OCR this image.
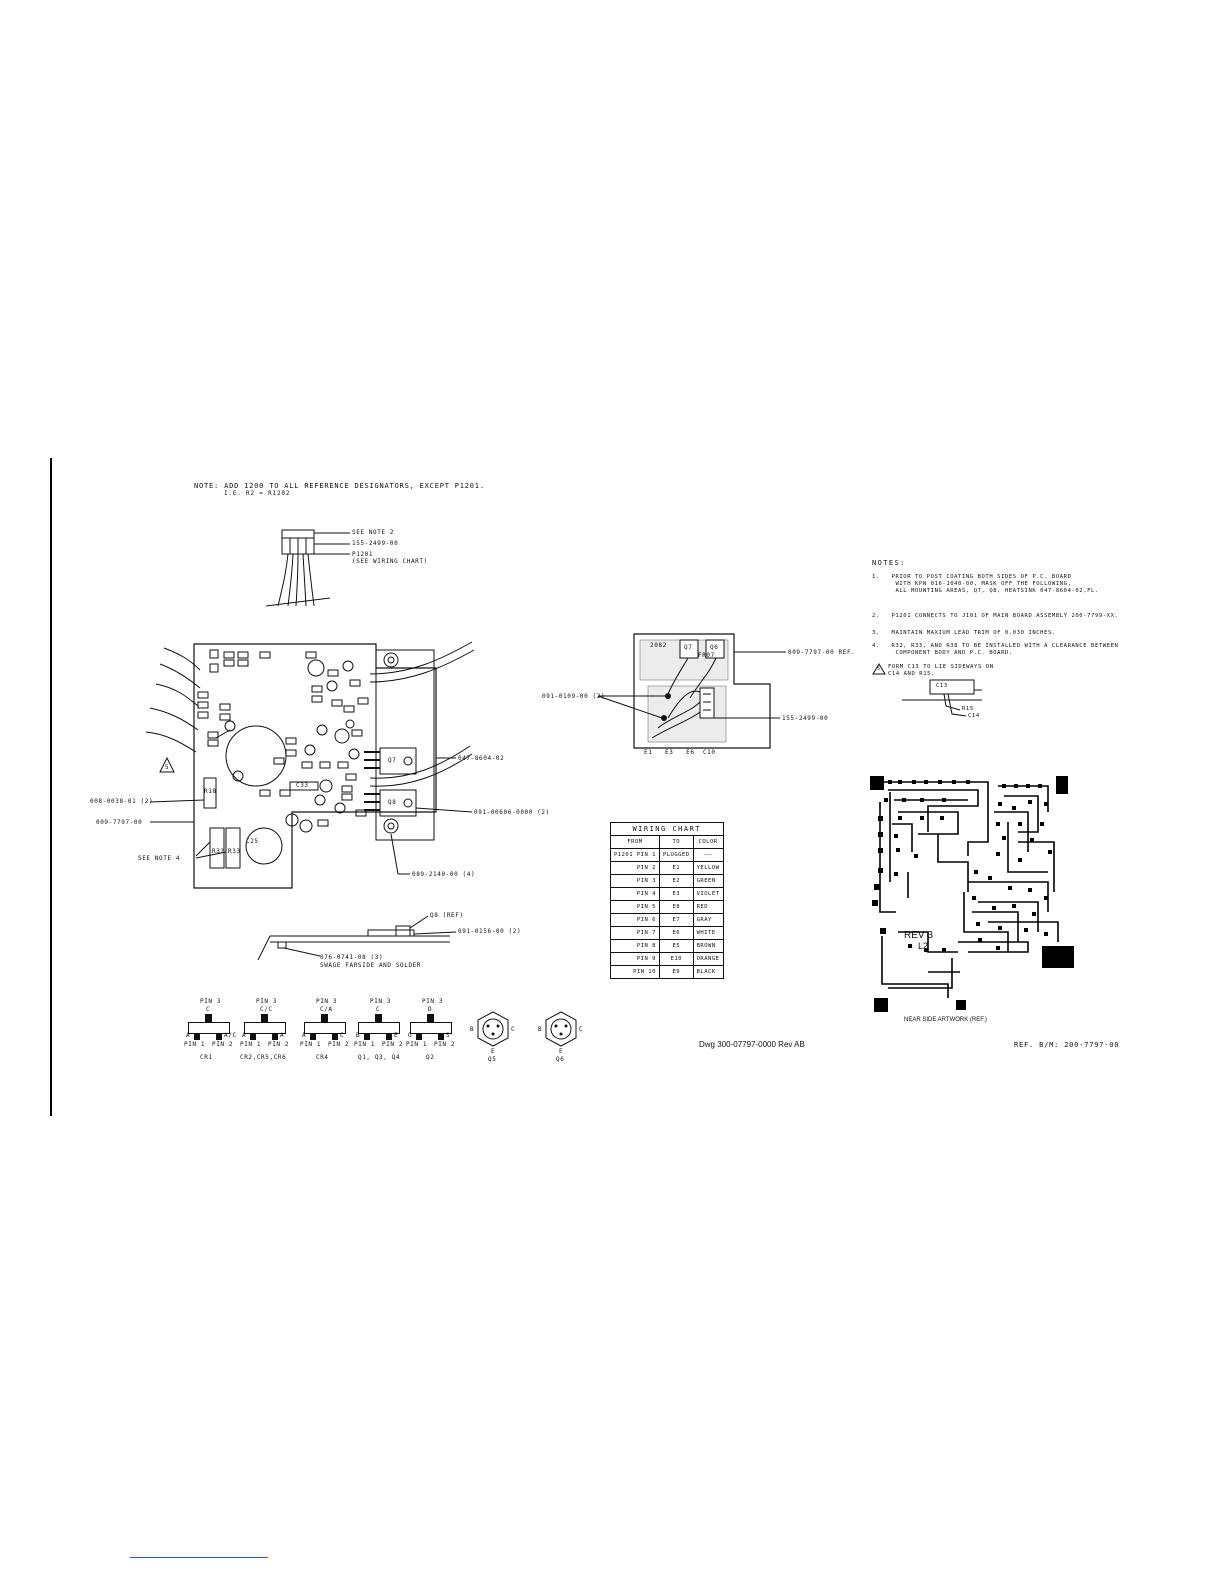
NOTE: ADD 1200 TO ALL REFERENCE DESIGNATORS, EXCEPT P1201.
I.E. R2 = R1202
SEE NOTE 2
155-2499-00
P1201
(SEE WIRING CHART)
C25
Q7
Q8
R32 R33
R18
C33
5
047-8604-02
008-0038-01 (2)
009-7797-00
SEE NOTE 4
091-00606-0000 (2)
089-2140-00 (4)
Q8 (REF)
091-0156-00 (2)
076-0741-08 (3)
SWAGE FARSIDE AND SOLDER
PIN 3
C
A	A/C
PIN 1 PIN 2
CR1
PIN 3
C/C
A	A
PIN 1 PIN 2
CR2,CR5,CR6
PIN 3
C/A
A	C
PIN 1 PIN 2
CR4
PIN 3
C
B	E
PIN 1 PIN 2
Q1, Q3, Q4
PIN 3
D
G	S
PIN 1 PIN 2
Q2
B	C
E
Q5
B	C
E
Q6
2082	Q7
FR07
Q6
009-7797-00 REF.
091-0109-00 (2)
155-2499-00
E1   E3   E6  C10
WIRING CHART		
FROM	TO	COLOR
P1201 PIN 1	PLUGGED	——
PIN 2	E1	YELLOW
PIN 3	E2	GREEN
PIN 4	E3	VIOLET
PIN 5	E8	RED
PIN 6	E7	GRAY
PIN 7	E6	WHITE
PIN 8	E5	BROWN
PIN 9	E10	ORANGE
PIN 10	E9	BLACK
NOTES:
1.   PRIOR TO POST COATING BOTH SIDES OF P.C. BOARD
WITH KPN 016-1040-00, MASK OFF THE FOLLOWING,
ALL MOUNTING AREAS, Q7, Q8, HEATSINK 047-8604-02,FL.
2.   P1201 CONNECTS TO J101 OF MAIN BOARD ASSEMBLY 200-7799-XX.
3.   MAINTAIN MAXIUM LEAD TRIM OF 0.030 INCHES.
4.   R32, R33, AND R38 TO BE INSTALLED WITH A CLEARANCE BETWEEN
COMPONENT BODY AND P.C. BOARD.
5 FORM C13 TO LIE SIDEWAYS ON
C14 AND R15.
C13
R15
C14
REV 3
L2
NEAR SIDE ARTWORK (REF.)
Dwg 300-07797-0000 Rev AB	REF. B/M: 200-7797-00
